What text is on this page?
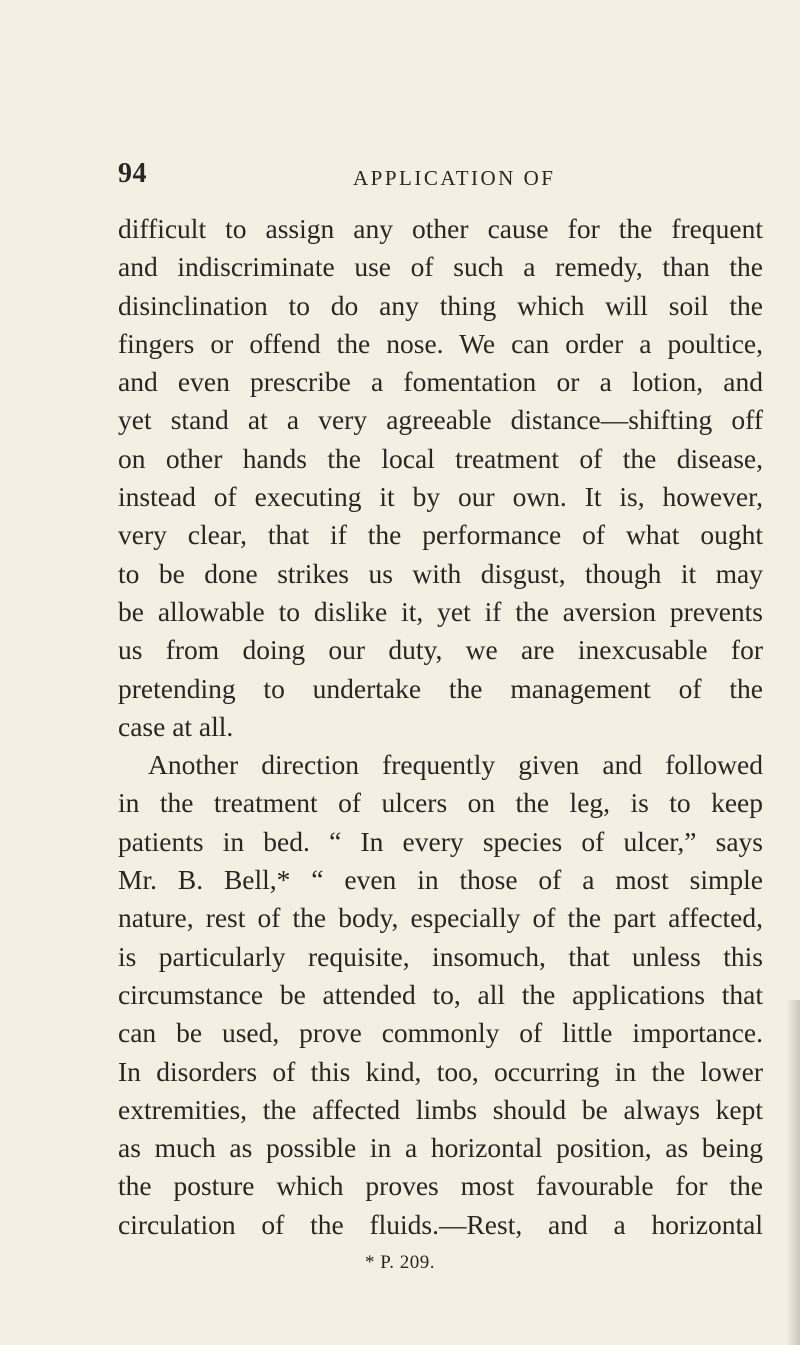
94	APPLICATION OF
difficult to assign any other cause for the frequent
and indiscriminate use of such a remedy, than the
disinclination to do any thing which will soil the
fingers or offend the nose. We can order a poultice,
and even prescribe a fomentation or a lotion, and
yet stand at a very agreeable distance—shifting off
on other hands the local treatment of the disease,
instead of executing it by our own. It is, however,
very clear, that if the performance of what ought
to be done strikes us with disgust, though it may
be allowable to dislike it, yet if the aversion prevents
us from doing our duty, we are inexcusable for
pretending to undertake the management of the
case at all.
Another direction frequently given and followed
in the treatment of ulcers on the leg, is to keep
patients in bed. “ In every species of ulcer,” says
Mr. B. Bell,* “ even in those of a most simple
nature, rest of the body, especially of the part affected,
is particularly requisite, insomuch, that unless this
circumstance be attended to, all the applications that
can be used, prove commonly of little importance.
In disorders of this kind, too, occurring in the lower
extremities, the affected limbs should be always kept
as much as possible in a horizontal position, as being
the posture which proves most favourable for the
circulation of the fluids.—Rest, and a horizontal
* P. 209.
